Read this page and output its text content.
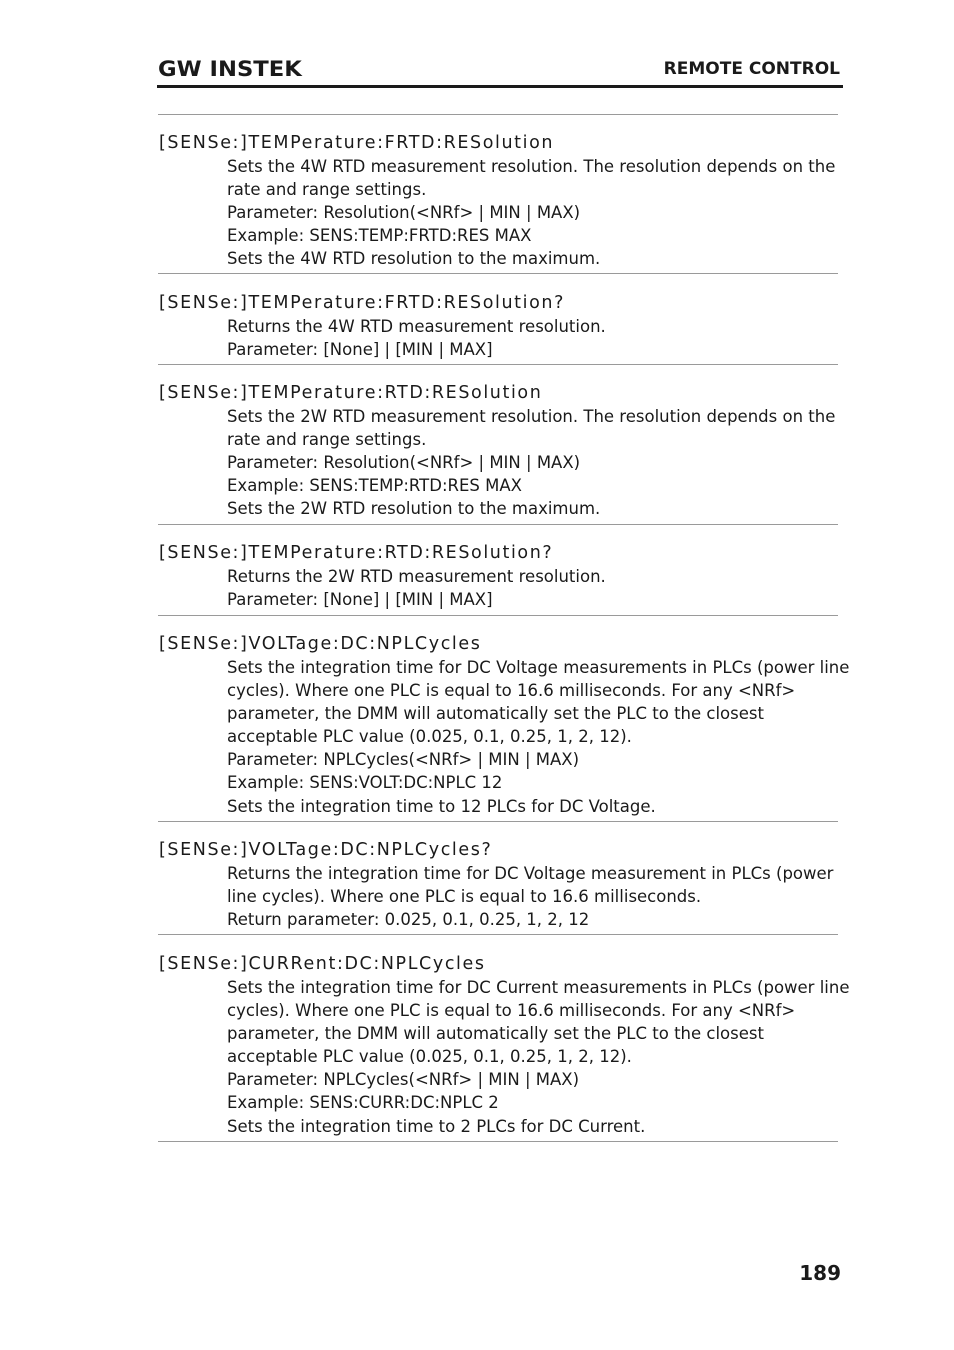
GW INSTEK	REMOTE CONTROL
[SENSe:]TEMPerature:FRTD:RESolution
Sets the 4W RTD measurement resolution. The resolution depends on the
rate and range settings.
Parameter: Resolution(<NRf> | MIN | MAX)
Example: SENS:TEMP:FRTD:RES MAX
Sets the 4W RTD resolution to the maximum.
[SENSe:]TEMPerature:FRTD:RESolution?
Returns the 4W RTD measurement resolution.
Parameter: [None] | [MIN | MAX]
[SENSe:]TEMPerature:RTD:RESolution
Sets the 2W RTD measurement resolution. The resolution depends on the
rate and range settings.
Parameter: Resolution(<NRf> | MIN | MAX)
Example: SENS:TEMP:RTD:RES MAX
Sets the 2W RTD resolution to the maximum.
[SENSe:]TEMPerature:RTD:RESolution?
Returns the 2W RTD measurement resolution.
Parameter: [None] | [MIN | MAX]
[SENSe:]VOLTage:DC:NPLCycles
Sets the integration time for DC Voltage measurements in PLCs (power line
cycles). Where one PLC is equal to 16.6 milliseconds. For any <NRf>
parameter, the DMM will automatically set the PLC to the closest
acceptable PLC value (0.025, 0.1, 0.25, 1, 2, 12).
Parameter: NPLCycles(<NRf> | MIN | MAX)
Example: SENS:VOLT:DC:NPLC 12
Sets the integration time to 12 PLCs for DC Voltage.
[SENSe:]VOLTage:DC:NPLCycles?
Returns the integration time for DC Voltage measurement in PLCs (power
line cycles). Where one PLC is equal to 16.6 milliseconds.
Return parameter: 0.025, 0.1, 0.25, 1, 2, 12
[SENSe:]CURRent:DC:NPLCycles
Sets the integration time for DC Current measurements in PLCs (power line
cycles). Where one PLC is equal to 16.6 milliseconds. For any <NRf>
parameter, the DMM will automatically set the PLC to the closest
acceptable PLC value (0.025, 0.1, 0.25, 1, 2, 12).
Parameter: NPLCycles(<NRf> | MIN | MAX)
Example: SENS:CURR:DC:NPLC 2
Sets the integration time to 2 PLCs for DC Current.
189
